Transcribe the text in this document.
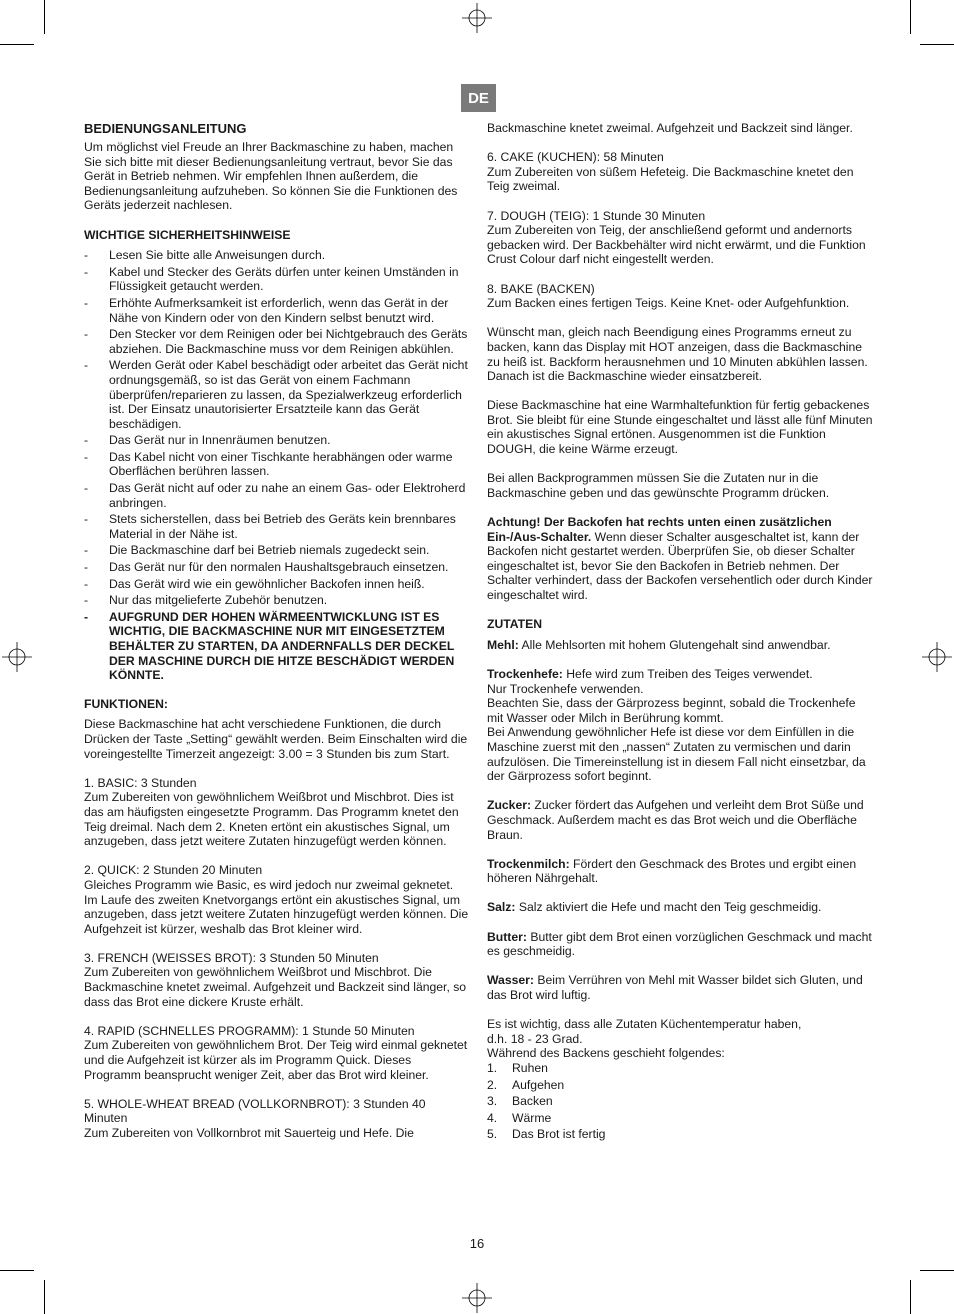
DE
BEDIENUNGSANLEITUNG

Um möglichst viel Freude an Ihrer Backmaschine zu haben, machen Sie sich bitte mit dieser Bedienungsanleitung vertraut, bevor Sie das Gerät in Betrieb nehmen. Wir empfehlen Ihnen außerdem, die Bedienungsanleitung aufzuheben. So können Sie die Funktionen des Geräts jederzeit nachlesen.

WICHTIGE SICHERHEITSHINWEISE
- Lesen Sie bitte alle Anweisungen durch.
- Kabel und Stecker des Geräts dürfen unter keinen Umständen in Flüssigkeit getaucht werden.
- Erhöhte Aufmerksamkeit ist erforderlich, wenn das Gerät in der Nähe von Kindern oder von den Kindern selbst benutzt wird.
- Den Stecker vor dem Reinigen oder bei Nichtgebrauch des Geräts abziehen. Die Backmaschine muss vor dem Reinigen abkühlen.
- Werden Gerät oder Kabel beschädigt oder arbeitet das Gerät nicht ordnungsgemäß, so ist das Gerät von einem Fachmann überprüfen/reparieren zu lassen, da Spezialwerkzeug erforderlich ist. Der Einsatz unautorisierter Ersatzteile kann das Gerät beschädigen.
- Das Gerät nur in Innenräumen benutzen.
- Das Kabel nicht von einer Tischkante herabhängen oder warme Oberflächen berühren lassen.
- Das Gerät nicht auf oder zu nahe an einem Gas- oder Elektroherd anbringen.
- Stets sicherstellen, dass bei Betrieb des Geräts kein brennbares Material in der Nähe ist.
- Die Backmaschine darf bei Betrieb niemals zugedeckt sein.
- Das Gerät nur für den normalen Haushaltsgebrauch einsetzen.
- Das Gerät wird wie ein gewöhnlicher Backofen innen heiß.
- Nur das mitgelieferte Zubehör benutzen.
- AUFGRUND DER HOHEN WÄRMEENTWICKLUNG IST ES WICHTIG, DIE BACKMASCHINE NUR MIT EINGESETZTEM BEHÄLTER ZU STARTEN, DA ANDERNFALLS DER DECKEL DER MASCHINE DURCH DIE HITZE BESCHÄDIGT WERDEN KÖNNTE.
FUNKTIONEN:

Diese Backmaschine hat acht verschiedene Funktionen, die durch Drücken der Taste „Setting“ gewählt werden. Beim Einschalten wird die voreingestellte Timerzeit angezeigt: 3.00 = 3 Stunden bis zum Start.

1. BASIC: 3 Stunden

Zum Zubereiten von gewöhnlichem Weißbrot und Mischbrot. Dies ist das am häufigsten eingesetzte Programm. Das Programm knetet den Teig dreimal. Nach dem 2. Kneten ertönt ein akustisches Signal, um anzugeben, dass jetzt weitere Zutaten hinzugefügt werden können.

2. QUICK: 2 Stunden 20 Minuten

Gleiches Programm wie Basic, es wird jedoch nur zweimal geknetet. Im Laufe des zweiten Knetvorgangs ertönt ein akustisches Signal, um anzugeben, dass jetzt weitere Zutaten hinzugefügt werden können. Die Aufgehzeit ist kürzer, weshalb das Brot kleiner wird.

3. FRENCH (WEISSES BROT): 3 Stunden 50 Minuten

Zum Zubereiten von gewöhnlichem Weißbrot und Mischbrot. Die Backmaschine knetet zweimal. Aufgehzeit und Backzeit sind länger, so dass das Brot eine dickere Kruste erhält.

4. RAPID (SCHNELLES PROGRAMM): 1 Stunde 50 Minuten

Zum Zubereiten von gewöhnlichem Brot. Der Teig wird einmal geknetet und die Aufgehzeit ist kürzer als im Programm Quick. Dieses Programm beansprucht weniger Zeit, aber das Brot wird kleiner.

5. WHOLE-WHEAT BREAD (VOLLKORNBROT): 3 Stunden 40 Minuten

Zum Zubereiten von Vollkornbrot mit Sauerteig und Hefe. Die

Backmaschine knetet zweimal. Aufgehzeit und Backzeit sind länger.

6. CAKE (KUCHEN): 58 Minuten

Zum Zubereiten von süßem Hefeteig. Die Backmaschine knetet den Teig zweimal.

7. DOUGH (TEIG): 1 Stunde 30 Minuten

Zum Zubereiten von Teig, der anschließend geformt und andernorts gebacken wird. Der Backbehälter wird nicht erwärmt, und die Funktion Crust Colour darf nicht eingestellt werden.

8. BAKE (BACKEN)

Zum Backen eines fertigen Teigs. Keine Knet- oder Aufgehfunktion.

Wünscht man, gleich nach Beendigung eines Programms erneut zu backen, kann das Display mit HOT anzeigen, dass die Backmaschine zu heiß ist. Backform herausnehmen und 10 Minuten abkühlen lassen. Danach ist die Backmaschine wieder einsatzbereit.

Diese Backmaschine hat eine Warmhaltefunktion für fertig gebackenes Brot. Sie bleibt für eine Stunde eingeschaltet und lässt alle fünf Minuten ein akustisches Signal ertönen. Ausgenommen ist die Funktion DOUGH, die keine Wärme erzeugt.

Bei allen Backprogrammen müssen Sie die Zutaten nur in die Backmaschine geben und das gewünschte Programm drücken.

Achtung! Der Backofen hat rechts unten einen zusätzlichen Ein-/Aus-Schalter. Wenn dieser Schalter ausgeschaltet ist, kann der Backofen nicht gestartet werden. Überprüfen Sie, ob dieser Schalter eingeschaltet ist, bevor Sie den Backofen in Betrieb nehmen. Der Schalter verhindert, dass der Backofen versehentlich oder durch Kinder eingeschaltet wird.

ZUTATEN

Mehl: Alle Mehlsorten mit hohem Glutengehalt sind anwendbar.

Trockenhefe: Hefe wird zum Treiben des Teiges verwendet.
Nur Trockenhefe verwenden.
Beachten Sie, dass der Gärprozess beginnt, sobald die Trockenhefe mit Wasser oder Milch in Berührung kommt.
Bei Anwendung gewöhnlicher Hefe ist diese vor dem Einfüllen in die Maschine zuerst mit den „nassen“ Zutaten zu vermischen und darin aufzulösen. Die Timereinstellung ist in diesem Fall nicht einsetzbar, da der Gärprozess sofort beginnt.

Zucker: Zucker fördert das Aufgehen und verleiht dem Brot Süße und Geschmack. Außerdem macht es das Brot weich und die Oberfläche Braun.

Trockenmilch: Fördert den Geschmack des Brotes und ergibt einen höheren Nährgehalt.

Salz: Salz aktiviert die Hefe und macht den Teig geschmeidig.

Butter: Butter gibt dem Brot einen vorzüglichen Geschmack und macht es geschmeidig.

Wasser: Beim Verrühren von Mehl mit Wasser bildet sich Gluten, und das Brot wird luftig.

Es ist wichtig, dass alle Zutaten Küchentemperatur haben,
d.h. 18 - 23 Grad.
Während des Backens geschieht folgendes:
1. Ruhen
2. Aufgehen
3. Backen
4. Wärme
5. Das Brot ist fertig
16
